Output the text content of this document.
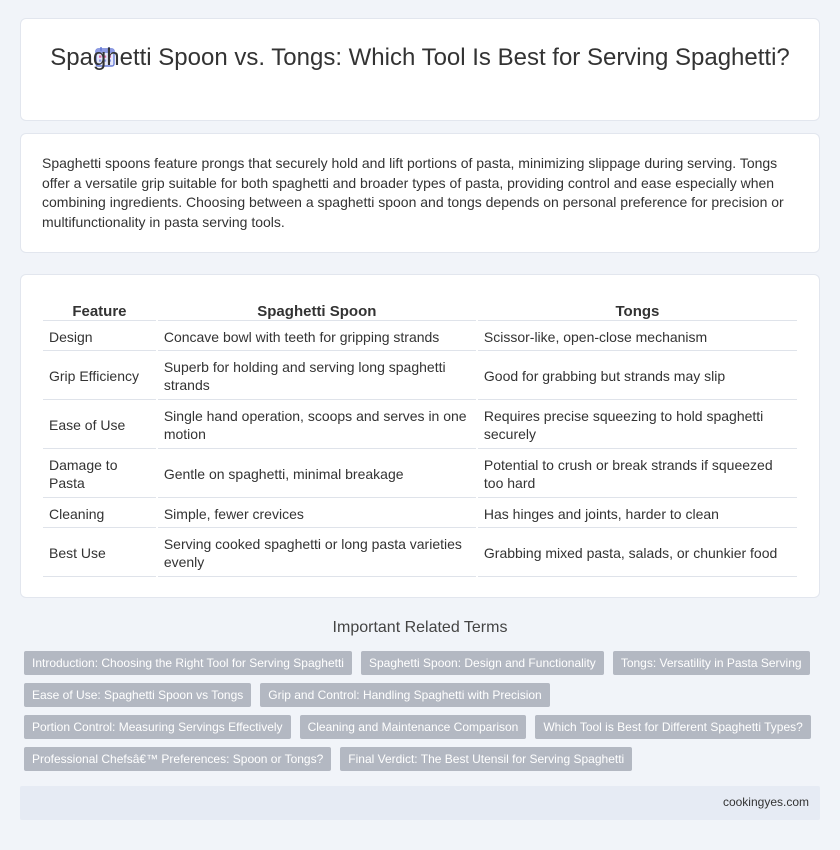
Spaghetti Spoon vs. Tongs: Which Tool Is Best for Serving Spaghetti?

Spaghetti spoons feature prongs that securely hold and lift portions of pasta, minimizing slippage during serving. Tongs offer a versatile grip suitable for both spaghetti and broader types of pasta, providing control and ease especially when combining ingredients. Choosing between a spaghetti spoon and tongs depends on personal preference for precision or multifunctionality in pasta serving tools.

Feature	Spaghetti Spoon	Tongs
Design	Concave bowl with teeth for gripping strands	Scissor-like, open-close mechanism
Grip Efficiency	Superb for holding and serving long spaghetti strands	Good for grabbing but strands may slip
Ease of Use	Single hand operation, scoops and serves in one motion	Requires precise squeezing to hold spaghetti securely
Damage to Pasta	Gentle on spaghetti, minimal breakage	Potential to crush or break strands if squeezed too hard
Cleaning	Simple, fewer crevices	Has hinges and joints, harder to clean
Best Use	Serving cooked spaghetti or long pasta varieties evenly	Grabbing mixed pasta, salads, or chunkier food
Important Related Terms
Introduction: Choosing the Right Tool for Serving Spaghetti	Spaghetti Spoon: Design and Functionality	Tongs: Versatility in Pasta Serving
Ease of Use: Spaghetti Spoon vs Tongs	Grip and Control: Handling Spaghetti with Precision
Portion Control: Measuring Servings Effectively	Cleaning and Maintenance Comparison	Which Tool is Best for Different Spaghetti Types?
Professional Chefsâ€™ Preferences: Spoon or Tongs?	Final Verdict: The Best Utensil for Serving Spaghetti
cookingyes.com
